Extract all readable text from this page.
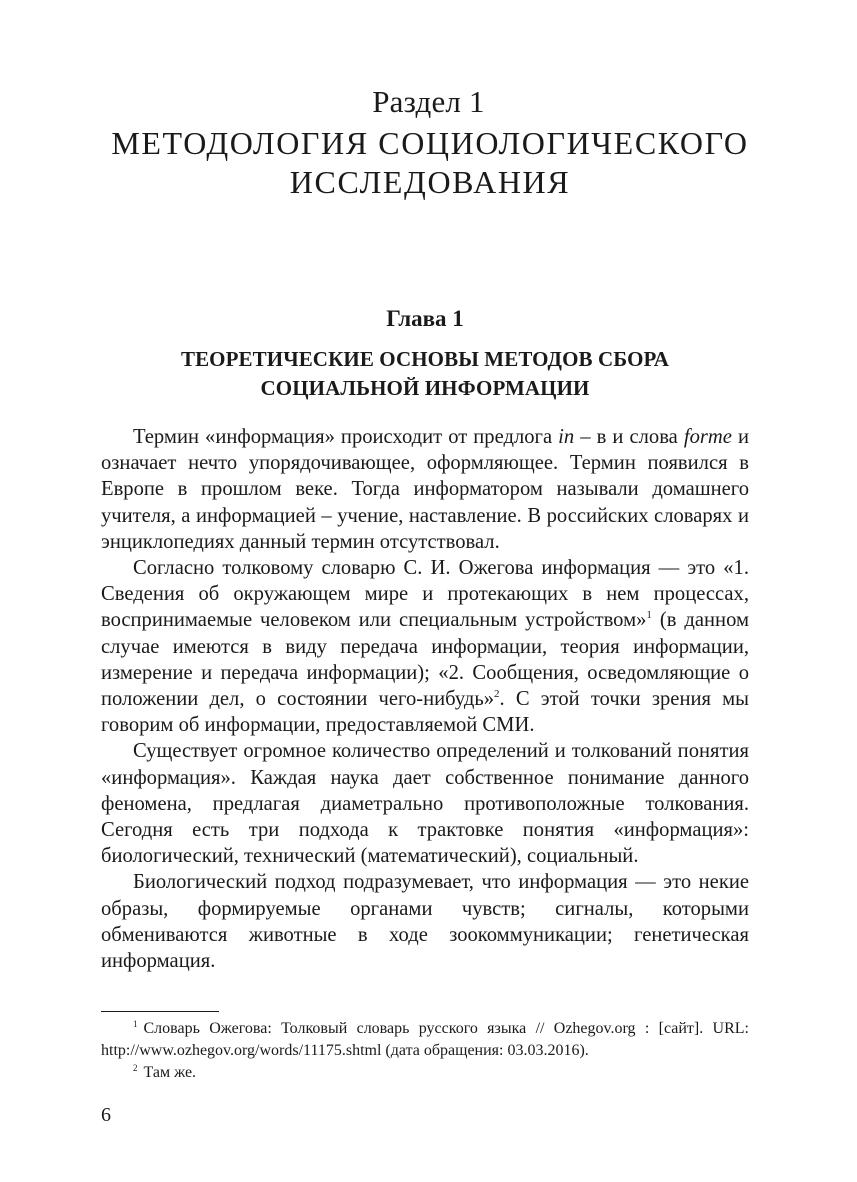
Раздел 1
МЕТОДОЛОГИЯ СОЦИОЛОГИЧЕСКОГО ИССЛЕДОВАНИЯ
Глава 1
ТЕОРЕТИЧЕСКИЕ ОСНОВЫ МЕТОДОВ СБОРА СОЦИАЛЬНОЙ ИНФОРМАЦИИ

Термин «информация» происходит от предлога in – в и слова forme и означает нечто упорядочивающее, оформляющее. Термин появился в Европе в прошлом веке. Тогда информатором называли домашнего учителя, а информацией – учение, наставление. В российских словарях и энциклопедиях данный термин отсутствовал.

Согласно толковому словарю С. И. Ожегова информация — это «1. Сведения об окружающем мире и протекающих в нем процессах, воспринимаемые человеком или специальным устройством»$^1$ (в данном случае имеются в виду передача информации, теория информации, измерение и передача информации); «2. Сообщения, осведомляющие о положении дел, о состоянии чего-нибудь»$^2$. С этой точки зрения мы говорим об информации, предоставляемой СМИ.

Существует огромное количество определений и толкований понятия «информация». Каждая наука дает собственное понимание данного феномена, предлагая диаметрально противоположные толкования. Сегодня есть три подхода к трактовке понятия «информация»: биологический, технический (математический), социальный.

Биологический подход подразумевает, что информация — это некие образы, формируемые органами чувств; сигналы, которыми обмениваются животные в ходе зоокоммуникации; генетическая информация.

$^1$ Словарь Ожегова: Толковый словарь русского языка // Ozhegov.org : [сайт]. URL: http://www.ozhegov.org/words/11175.shtml (дата обращения: 03.03.2016).

$^2$ Там же.

6
